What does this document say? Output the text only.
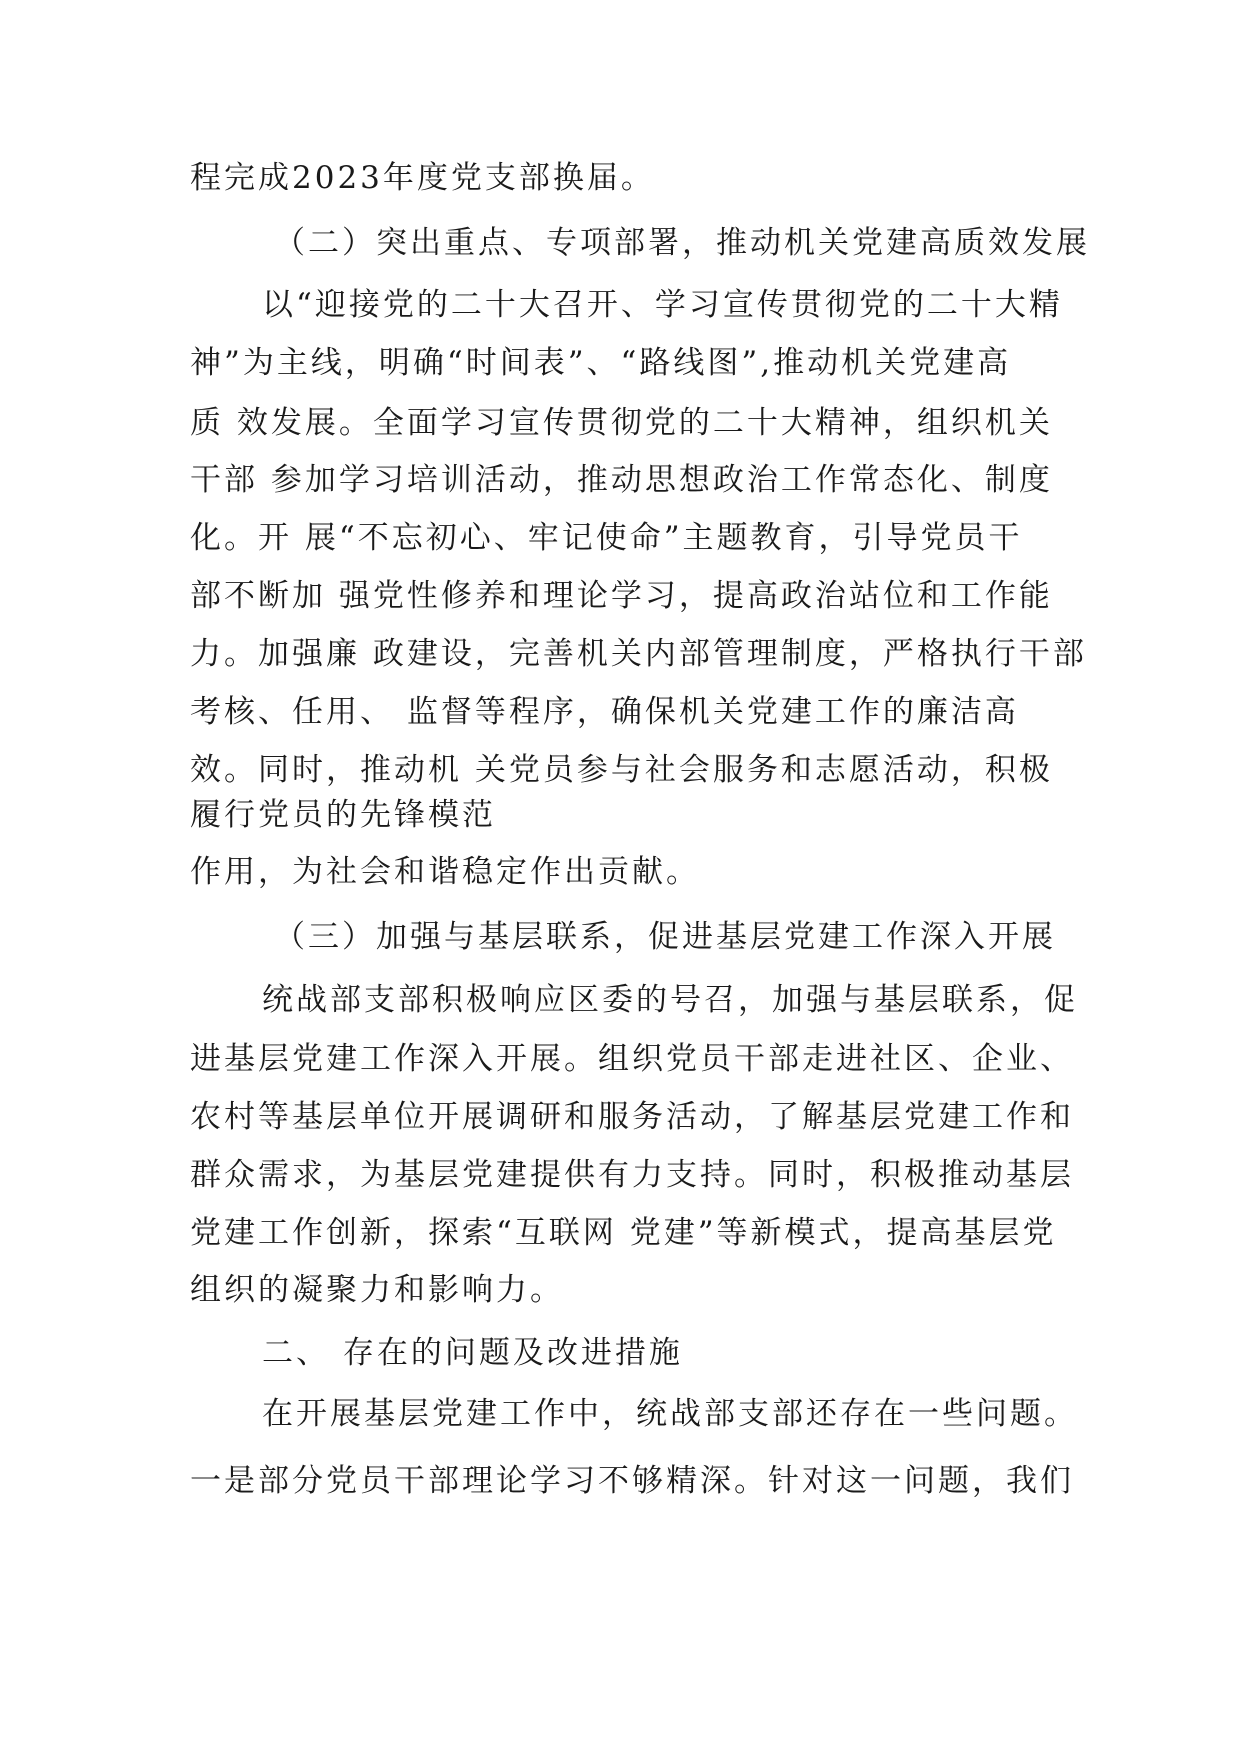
程完成2023年度党支部换届。

（二）突出重点、专项部署，推动机关党建高质效发展

以“迎接党的二十大召开、学习宣传贯彻党的二十大精

神”为主线，明确“时间表”、“路线图”,推动机关党建高

质 效发展。全面学习宣传贯彻党的二十大精神，组织机关

干部 参加学习培训活动，推动思想政治工作常态化、制度

化。开 展“不忘初心、牢记使命”主题教育，引导党员干

部不断加 强党性修养和理论学习，提高政治站位和工作能

力。加强廉 政建设，完善机关内部管理制度，严格执行干部

考核、任用、 监督等程序，确保机关党建工作的廉洁高

效。同时，推动机 关党员参与社会服务和志愿活动，积极

履行党员的先锋模范

作用，为社会和谐稳定作出贡献。

（三）加强与基层联系，促进基层党建工作深入开展

统战部支部积极响应区委的号召，加强与基层联系，促

进基层党建工作深入开展。组织党员干部走进社区、企业、

农村等基层单位开展调研和服务活动，了解基层党建工作和

群众需求，为基层党建提供有力支持。同时，积极推动基层

党建工作创新，探索“互联网 党建”等新模式，提高基层党

组织的凝聚力和影响力。

二、 存在的问题及改进措施

在开展基层党建工作中，统战部支部还存在一些问题。

一是部分党员干部理论学习不够精深。针对这一问题，我们
